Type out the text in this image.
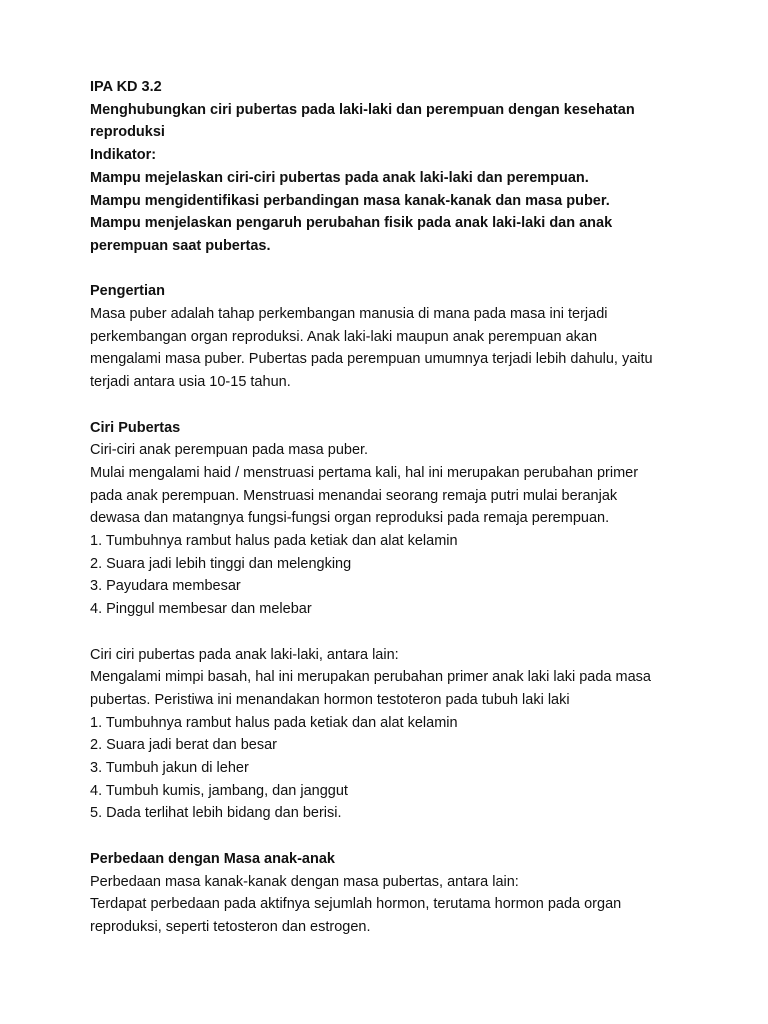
IPA KD 3.2

Menghubungkan ciri pubertas pada laki-laki dan perempuan dengan kesehatan

reproduksi

Indikator:

Mampu mejelaskan ciri-ciri pubertas pada anak laki-laki dan perempuan.

Mampu mengidentifikasi perbandingan masa kanak-kanak dan masa puber.

Mampu menjelaskan pengaruh perubahan fisik pada anak laki-laki dan anak

perempuan saat pubertas.

Pengertian

Masa puber adalah tahap perkembangan manusia di mana pada masa ini terjadi

perkembangan organ reproduksi. Anak laki-laki maupun anak perempuan akan

mengalami masa puber. Pubertas pada perempuan umumnya terjadi lebih dahulu, yaitu

terjadi antara usia 10-15 tahun.

Ciri Pubertas

Ciri-ciri anak perempuan pada masa puber.

Mulai mengalami haid / menstruasi pertama kali, hal ini merupakan perubahan primer

pada anak perempuan. Menstruasi menandai seorang remaja putri mulai beranjak

dewasa dan matangnya fungsi-fungsi organ reproduksi pada remaja perempuan.

1. Tumbuhnya rambut halus pada ketiak dan alat kelamin

2. Suara jadi lebih tinggi dan melengking

3. Payudara membesar

4. Pinggul membesar dan melebar

Ciri ciri pubertas pada anak laki-laki, antara lain:

Mengalami mimpi basah, hal ini merupakan perubahan primer anak laki laki pada masa

pubertas. Peristiwa ini menandakan hormon testoteron pada tubuh laki laki

1. Tumbuhnya rambut halus pada ketiak dan alat kelamin

2. Suara jadi berat dan besar

3. Tumbuh jakun di leher

4. Tumbuh kumis, jambang, dan janggut

5. Dada terlihat lebih bidang dan berisi.

Perbedaan dengan Masa anak-anak

Perbedaan masa kanak-kanak dengan masa pubertas, antara lain:

Terdapat perbedaan pada aktifnya sejumlah hormon, terutama hormon pada organ

reproduksi, seperti tetosteron dan estrogen.
